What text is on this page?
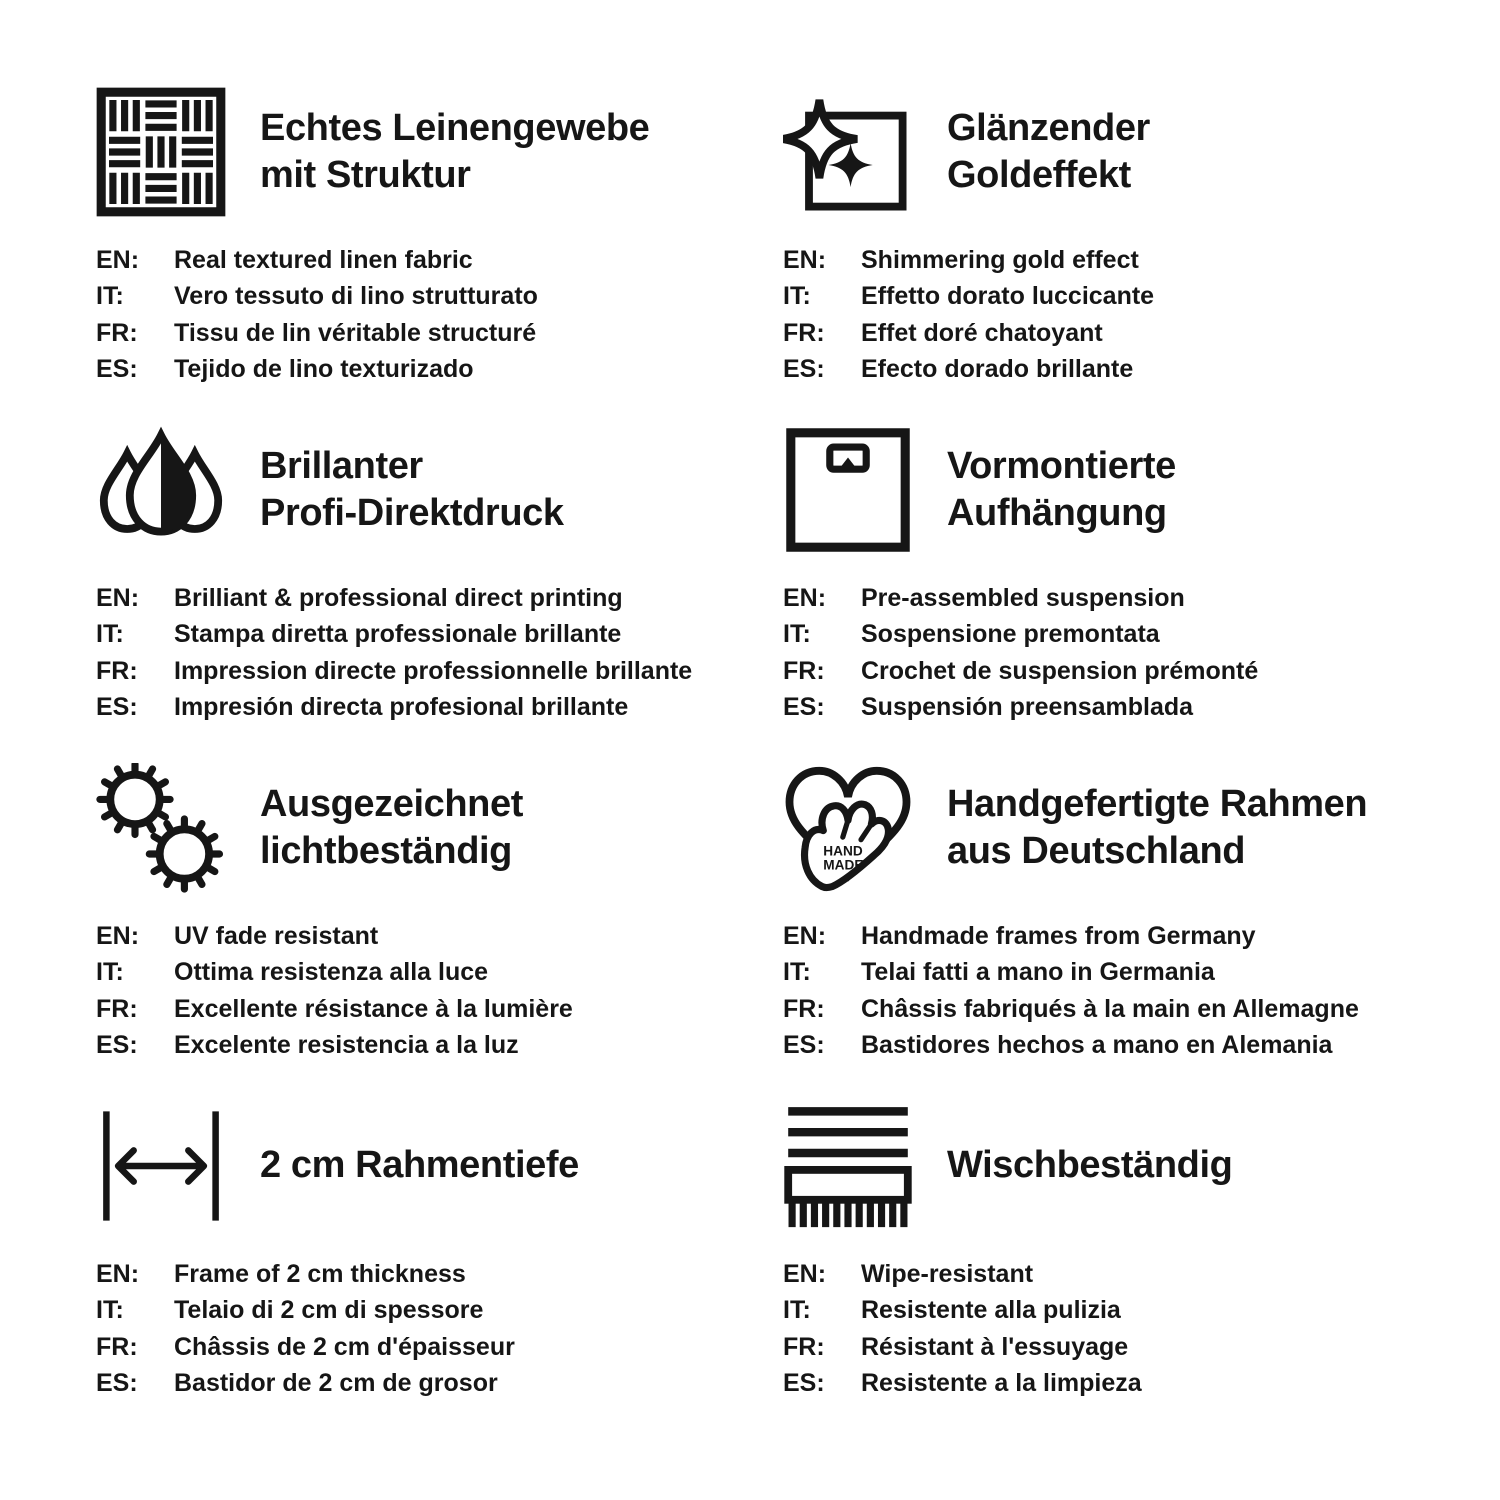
Echtes Leinengewebe
mit Struktur
EN:	Real textured linen fabric
IT:	Vero tessuto di lino strutturato
FR:	Tissu de lin véritable structuré
ES:	Tejido de lino texturizado
Glänzender
Goldeffekt
EN:	Shimmering gold effect
IT:	Effetto dorato luccicante
FR:	Effet doré chatoyant
ES:	Efecto dorado brillante
Brillanter
Profi-Direktdruck
EN:	Brilliant & professional direct printing
IT:	Stampa diretta professionale brillante
FR:	Impression directe professionnelle brillante
ES:	Impresión directa profesional brillante
Vormontierte
Aufhängung
EN:	Pre-assembled suspension
IT:	Sospensione premontata
FR:	Crochet de suspension prémonté
ES:	Suspensión preensamblada
Ausgezeichnet
lichtbeständig
EN:	UV fade resistant
IT:	Ottima resistenza alla luce
FR:	Excellente résistance à la lumière
ES:	Excelente resistencia a la luz
HAND MADE
Handgefertigte Rahmen
aus Deutschland
EN:	Handmade frames from Germany
IT:	Telai fatti a mano in Germania
FR:	Châssis fabriqués à la main en Allemagne
ES:	Bastidores hechos a mano en Alemania
2 cm Rahmentiefe
EN:	Frame of 2 cm thickness
IT:	Telaio di 2 cm di spessore
FR:	Châssis de 2 cm d'épaisseur
ES:	Bastidor de 2 cm de grosor
Wischbeständig
EN:	Wipe-resistant
IT:	Resistente alla pulizia
FR:	Résistant à l'essuyage
ES:	Resistente a la limpieza
